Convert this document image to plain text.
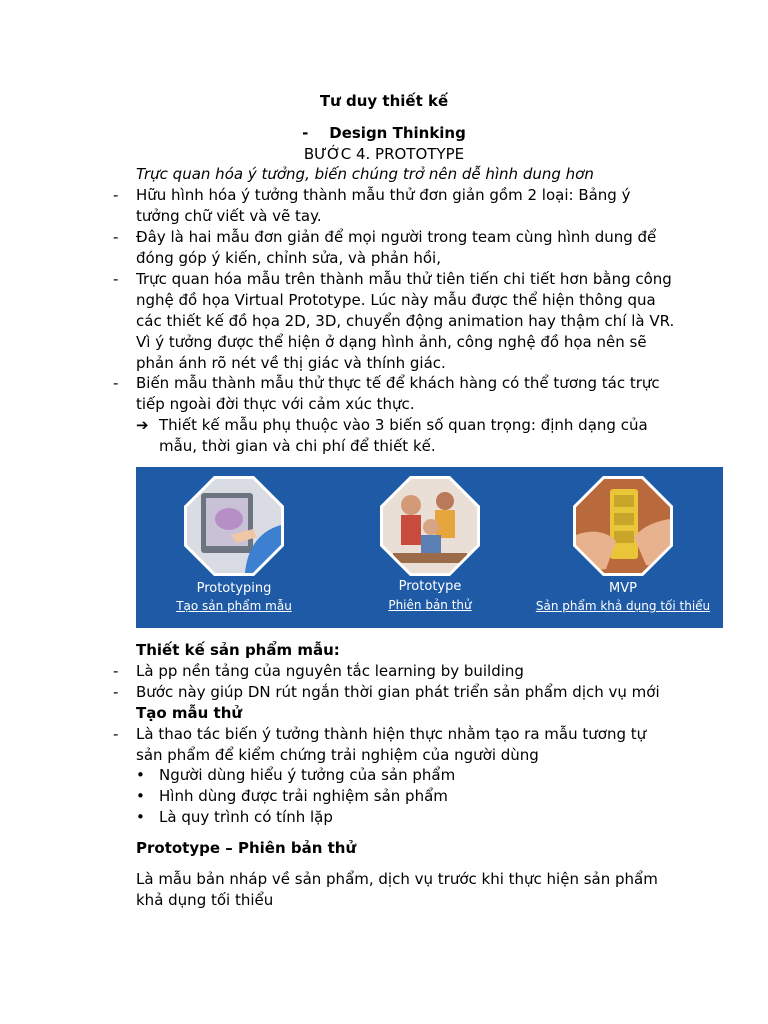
Tư duy thiết kế
- Design Thinking
BƯỚC 4. PROTOTYPE
Trực quan hóa ý tưởng, biến chúng trở nên dễ hình dung hơn
- Hữu hình hóa ý tưởng thành mẫu thử đơn giản gồm 2 loại: Bảng ý
tưởng chữ viết và vẽ tay.
- Đây là hai mẫu đơn giản để mọi người trong team cùng hình dung để
đóng góp ý kiến, chỉnh sửa, và phản hồi,
- Trực quan hóa mẫu trên thành mẫu thử tiên tiến chi tiết hơn bằng công
nghệ đồ họa Virtual Prototype. Lúc này mẫu được thể hiện thông qua
các thiết kế đồ họa 2D, 3D, chuyển động animation hay thậm chí là VR.
Vì ý tưởng được thể hiện ở dạng hình ảnh, công nghệ đồ họa nên sẽ
phản ánh rõ nét về thị giác và thính giác.
- Biến mẫu thành mẫu thử thực tế để khách hàng có thể tương tác trực
tiếp ngoài đời thực với cảm xúc thực.
➔ Thiết kế mẫu phụ thuộc vào 3 biến số quan trọng: định dạng của
mẫu, thời gian và chi phí để thiết kế.
Prototyping
Tạo sản phẩm mẫu
Prototype
Phiên bản thử
MVP
Sản phẩm khả dụng tối thiểu
Thiết kế sản phẩm mẫu:
- Là pp nền tảng của nguyên tắc learning by building
- Bước này giúp DN rút ngắn thời gian phát triển sản phẩm dịch vụ mới
Tạo mẫu thử
- Là thao tác biến ý tưởng thành hiện thực nhằm tạo ra mẫu tương tự
sản phẩm để kiểm chứng trải nghiệm của người dùng
• Người dùng hiểu ý tưởng của sản phẩm
• Hình dùng được trải nghiệm sản phẩm
• Là quy trình có tính lặp
Prototype – Phiên bản thử
Là mẫu bản nháp về sản phẩm, dịch vụ trước khi thực hiện sản phẩm
khả dụng tối thiểu
